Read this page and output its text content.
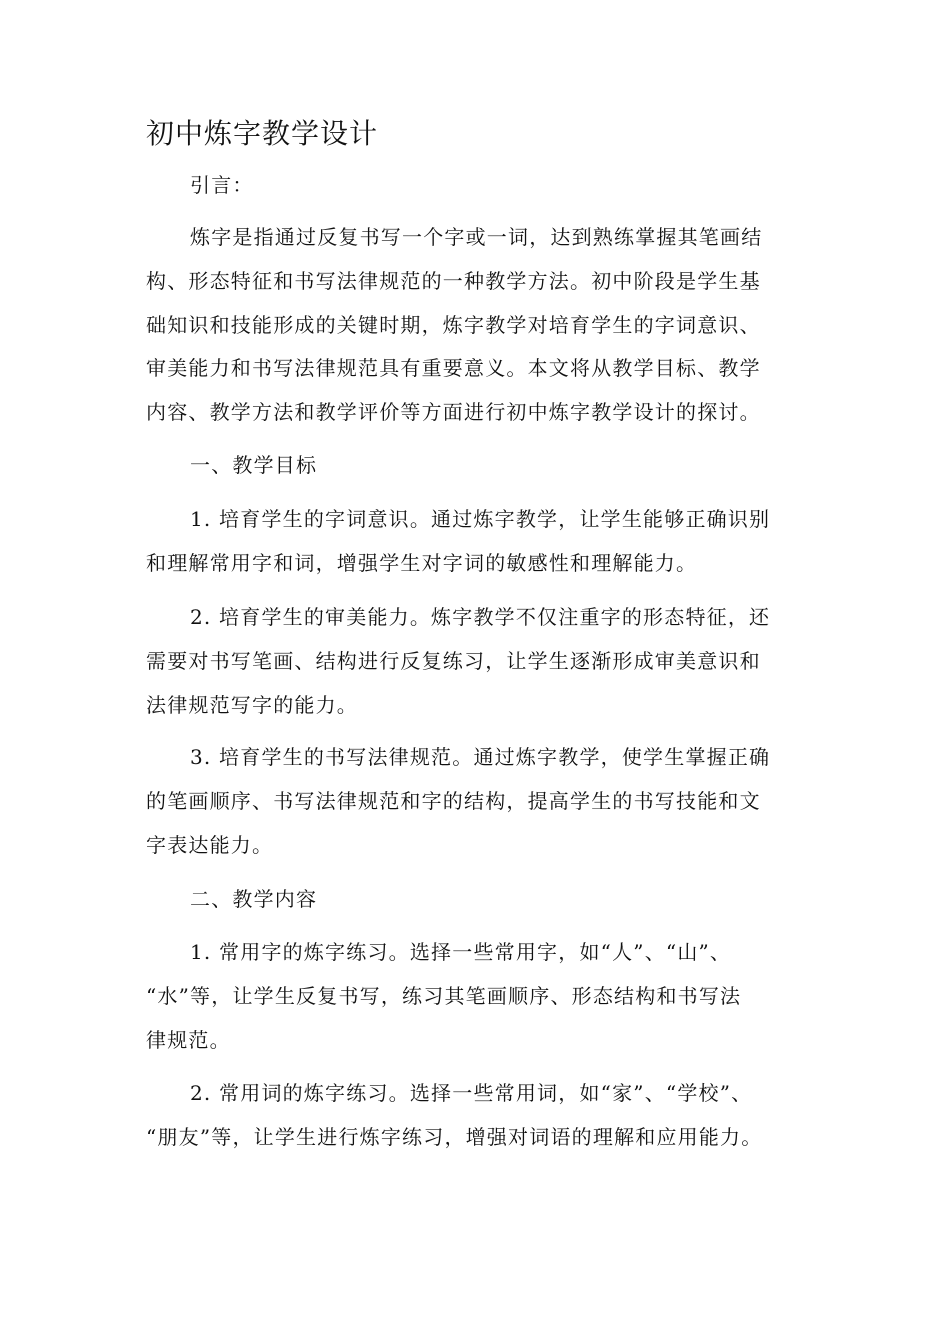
初中炼字教学设计
引言：
炼字是指通过反复书写一个字或一词，达到熟练掌握其笔画结
构、形态特征和书写法律规范的一种教学方法。初中阶段是学生基
础知识和技能形成的关键时期，炼字教学对培育学生的字词意识、
审美能力和书写法律规范具有重要意义。本文将从教学目标、教学
内容、教学方法和教学评价等方面进行初中炼字教学设计的探讨。
一、教学目标
1. 培育学生的字词意识。通过炼字教学，让学生能够正确识别
和理解常用字和词，增强学生对字词的敏感性和理解能力。
2. 培育学生的审美能力。炼字教学不仅注重字的形态特征，还
需要对书写笔画、结构进行反复练习，让学生逐渐形成审美意识和
法律规范写字的能力。
3. 培育学生的书写法律规范。通过炼字教学，使学生掌握正确
的笔画顺序、书写法律规范和字的结构，提高学生的书写技能和文
字表达能力。
二、教学内容
1. 常用字的炼字练习。选择一些常用字，如“人”、“山”、
“水”等，让学生反复书写，练习其笔画顺序、形态结构和书写法
律规范。
2. 常用词的炼字练习。选择一些常用词，如“家”、“学校”、
“朋友”等，让学生进行炼字练习，增强对词语的理解和应用能力。
